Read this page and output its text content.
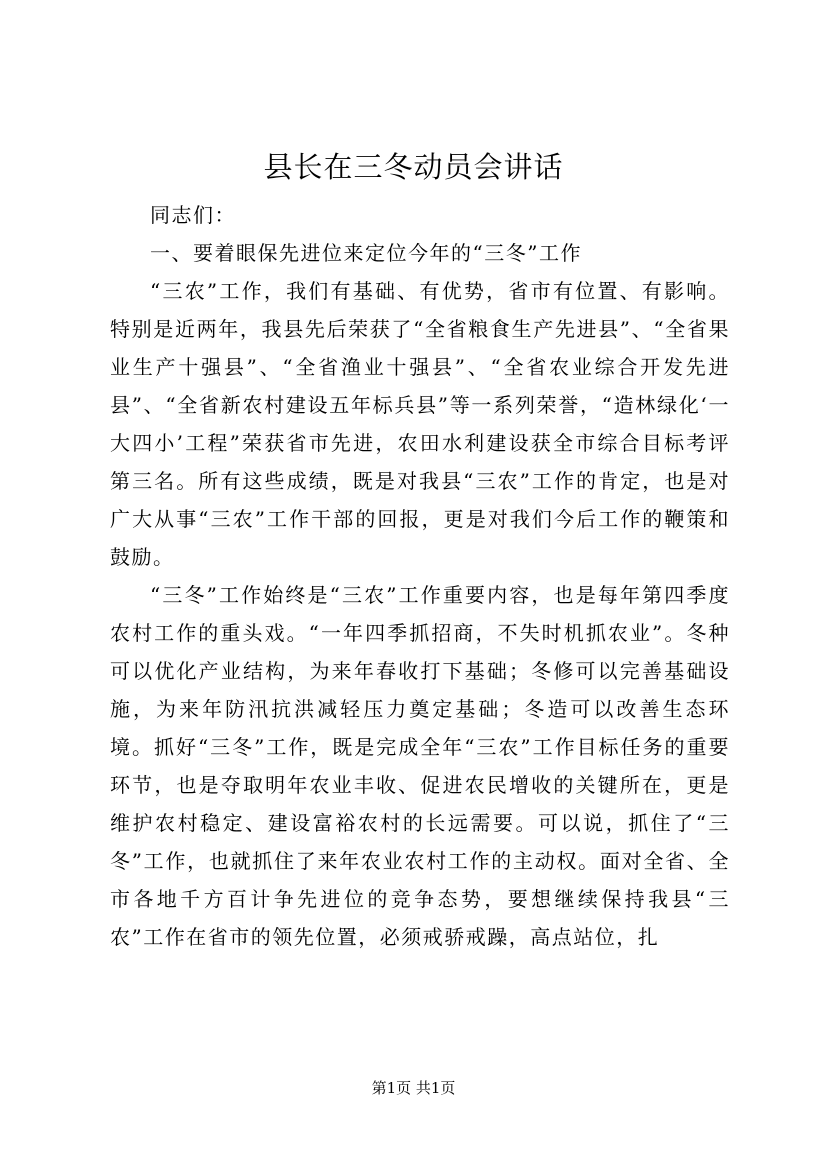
县长在三冬动员会讲话

同志们：

一、要着眼保先进位来定位今年的“三冬”工作

“三农”工作，我们有基础、有优势，省市有位置、有影响。特别是近两年，我县先后荣获了“全省粮食生产先进县”、“全省果业生产十强县”、“全省渔业十强县”、“全省农业综合开发先进县”、“全省新农村建设五年标兵县”等一系列荣誉，“造林绿化‘一大四小’工程”荣获省市先进，农田水利建设获全市综合目标考评第三名。所有这些成绩，既是对我县“三农”工作的肯定，也是对广大从事“三农”工作干部的回报，更是对我们今后工作的鞭策和鼓励。

“三冬”工作始终是“三农”工作重要内容，也是每年第四季度农村工作的重头戏。“一年四季抓招商，不失时机抓农业”。冬种可以优化产业结构，为来年春收打下基础；冬修可以完善基础设施，为来年防汛抗洪减轻压力奠定基础；冬造可以改善生态环境。抓好“三冬”工作，既是完成全年“三农”工作目标任务的重要环节，也是夺取明年农业丰收、促进农民增收的关键所在，更是维护农村稳定、建设富裕农村的长远需要。可以说，抓住了“三冬”工作，也就抓住了来年农业农村工作的主动权。面对全省、全市各地千方百计争先进位的竞争态势，要想继续保持我县“三农”工作在省市的领先位置，必须戒骄戒躁，高点站位，扎

第1页 共1页
